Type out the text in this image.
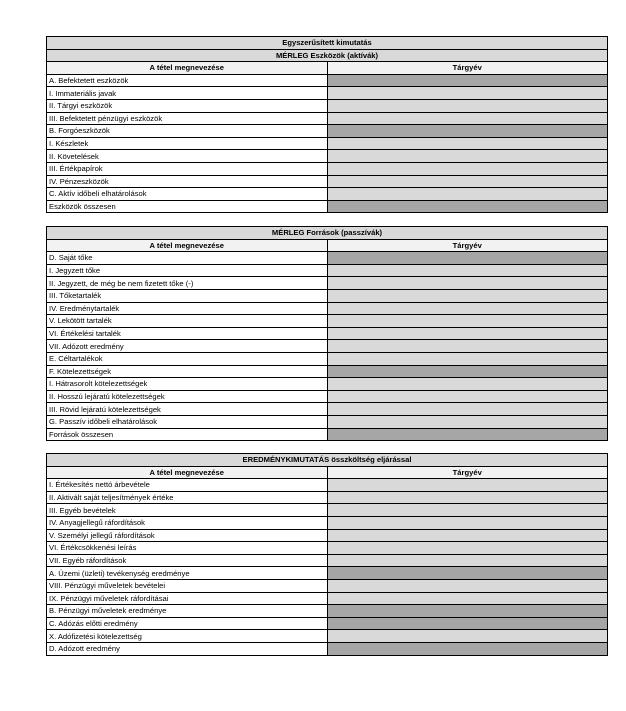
Egyszerűsített kimutatás	
MÉRLEG Eszközök (aktívák)	
A tétel megnevezése	Tárgyév
A. Befektetett eszközök	
I. Immateriális javak	
II. Tárgyi eszközök	
III. Befektetett pénzügyi eszközök	
B. Forgóeszközök	
I. Készletek	
II. Követelések	
III. Értékpapírok	
IV. Pénzeszközök	
C. Aktív időbeli elhatárolások	
Eszközök összesen	
MÉRLEG Források (passzívák)	
A tétel megnevezése	Tárgyév
D. Saját tőke	
I. Jegyzett tőke	
II. Jegyzett, de még be nem fizetett tőke (-)	
III. Tőketartalék	
IV. Eredménytartalék	
V. Lekötött tartalék	
VI. Értékelési tartalék	
VII. Adózott eredmény	
E. Céltartalékok	
F. Kötelezettségek	
I. Hátrasorolt kötelezettségek	
II. Hosszú lejáratú kötelezettségek	
III. Rövid lejáratú kötelezettségek	
G. Passzív időbeli elhatárolások	
Források összesen	
EREDMÉNYKIMUTATÁS összköltség eljárással	
A tétel megnevezése	Tárgyév
I. Értékesítés nettó árbevétele	
II. Aktivált saját teljesítmények értéke	
III. Egyéb bevételek	
IV. Anyagjellegű ráfordítások	
V. Személyi jellegű ráfordítások	
VI. Értékcsökkenési leírás	
VII. Egyéb ráfordítások	
A. Üzemi (üzleti) tevékenység eredménye	
VIII. Pénzügyi műveletek bevételei	
IX. Pénzügyi műveletek ráfordításai	
B. Pénzügyi műveletek eredménye	
C. Adózás előtti eredmény	
X. Adófizetési kötelezettség	
D. Adózott eredmény	
